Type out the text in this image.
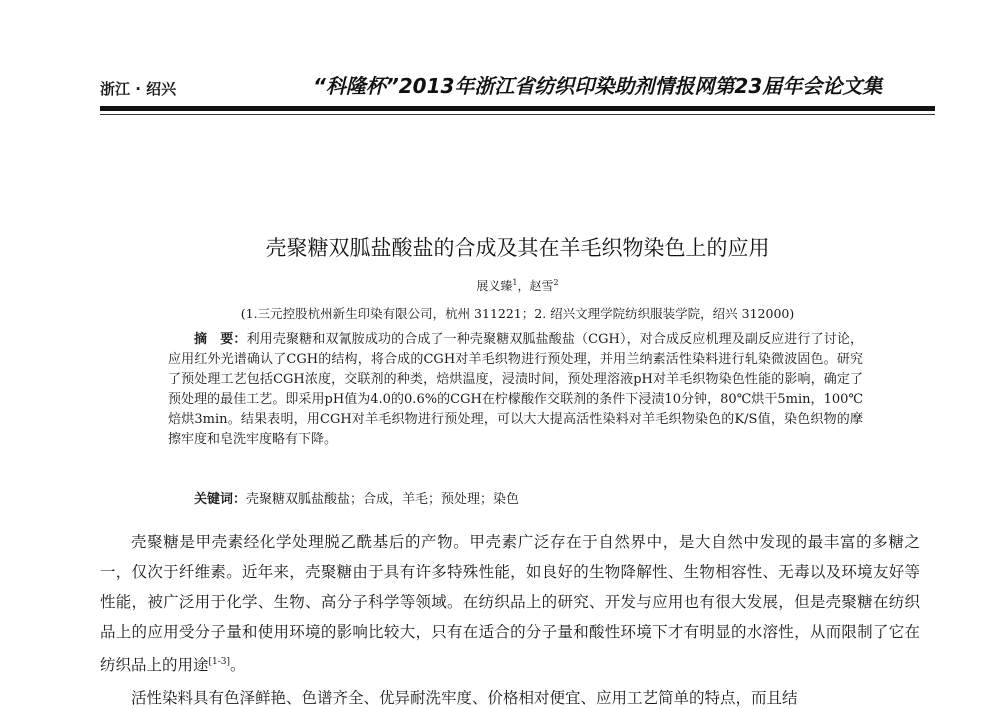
浙江 · 绍兴	“科隆杯”2013年浙江省纺织印染助剂情报网第23届年会论文集
壳聚糖双胍盐酸盐的合成及其在羊毛织物染色上的应用
展义臻$^1$，赵雪$^2$
(1.三元控股杭州新生印染有限公司，杭州 311221；2. 绍兴文理学院纺织服装学院，绍兴 312000)

摘　要：利用壳聚糖和双氰胺成功的合成了一种壳聚糖双胍盐酸盐（CGH），对合成反应机理及副反应进行了讨论，应用红外光谱确认了CGH的结构，将合成的CGH对羊毛织物进行预处理，并用兰纳素活性染料进行轧染微波固色。研究了预处理工艺包括CGH浓度，交联剂的种类，焙烘温度，浸渍时间，预处理溶液pH对羊毛织物染色性能的影响，确定了预处理的最佳工艺。即采用pH值为4.0的0.6%的CGH在柠檬酸作交联剂的条件下浸渍10分钟，80℃烘干5min，100℃焙烘3min。结果表明，用CGH对羊毛织物进行预处理，可以大大提高活性染料对羊毛织物染色的K/S值，染色织物的摩擦牢度和皂洗牢度略有下降。

关键词：壳聚糖双胍盐酸盐；合成，羊毛；预处理；染色

壳聚糖是甲壳素经化学处理脱乙酰基后的产物。甲壳素广泛存在于自然界中，是大自然中发现的最丰富的多糖之一，仅次于纤维素。近年来，壳聚糖由于具有许多特殊性能，如良好的生物降解性、生物相容性、无毒以及环境友好等性能，被广泛用于化学、生物、高分子科学等领域。在纺织品上的研究、开发与应用也有很大发展，但是壳聚糖在纺织品上的应用受分子量和使用环境的影响比较大，只有在适合的分子量和酸性环境下才有明显的水溶性，从而限制了它在纺织品上的用途[1-3]。

活性染料具有色泽鲜艳、色谱齐全、优异耐洗牢度、价格相对便宜、应用工艺简单的特点，而且结
